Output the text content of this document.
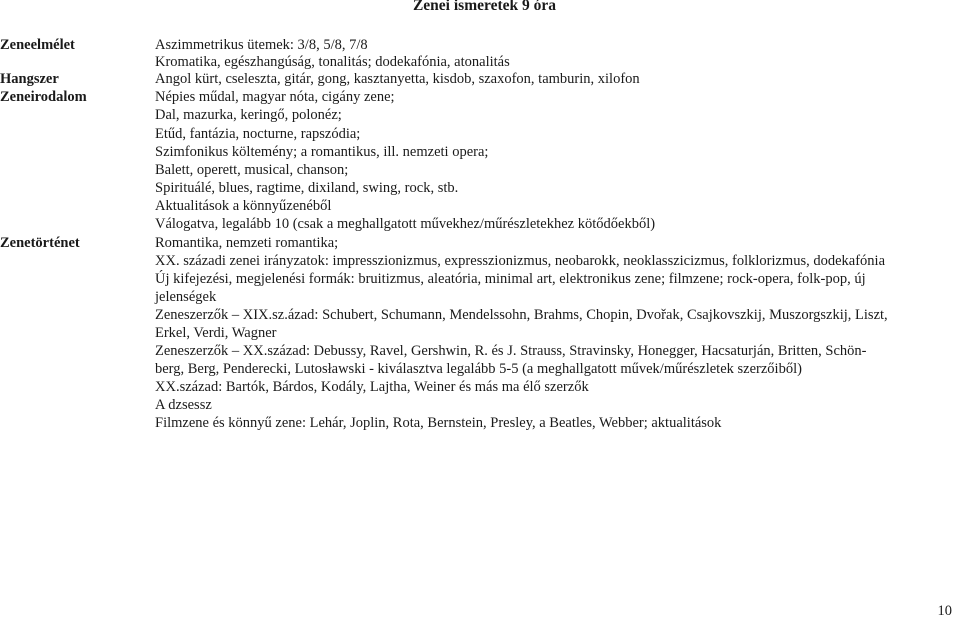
Zenei ismeretek 9 óra
Zeneelmélet
Hangszer
Zeneirodalom
Zenetörténet
Aszimmetrikus ütemek: 3/8, 5/8, 7/8
Kromatika, egészhangúság, tonalitás; dodekafónia, atonalitás
Angol kürt, cseleszta, gitár, gong, kasztanyetta, kisdob, szaxofon, tamburin, xilofon
Népies műdal, magyar nóta, cigány zene;
Dal, mazurka, keringő, polonéz;
Etűd, fantázia, nocturne, rapszódia;
Szimfonikus költemény; a romantikus, ill. nemzeti opera;
Balett, operett, musical, chanson;
Spirituálé, blues, ragtime, dixiland, swing, rock, stb.
Aktualitások a könnyűzenéből
Válogatva, legalább 10 (csak a meghallgatott művekhez/műrészletekhez kötődőekből)
Romantika, nemzeti romantika;
XX. századi zenei irányzatok: impresszionizmus, expresszionizmus, neobarokk, neoklasszicizmus, folklorizmus, dodekafónia
Új kifejezési, megjelenési formák: bruitizmus, aleatória, minimal art, elektronikus zene; filmzene; rock-opera, folk-pop, új
jelenségek
Zeneszerzők – XIX.sz.ázad: Schubert, Schumann, Mendelssohn, Brahms, Chopin, Dvořak, Csajkovszkij, Muszorgszkij, Liszt,
Erkel, Verdi, Wagner
Zeneszerzők – XX.század: Debussy, Ravel, Gershwin, R. és J. Strauss, Stravinsky, Honegger, Hacsaturján, Britten, Schön-
berg, Berg, Penderecki, Lutosławski - kiválasztva legalább 5-5 (a meghallgatott művek/műrészletek szerzőiből)
XX.század: Bartók, Bárdos, Kodály, Lajtha, Weiner és más ma élő szerzők
A dzsessz
Filmzene és könnyű zene: Lehár, Joplin, Rota, Bernstein, Presley, a Beatles, Webber; aktualitások
10
